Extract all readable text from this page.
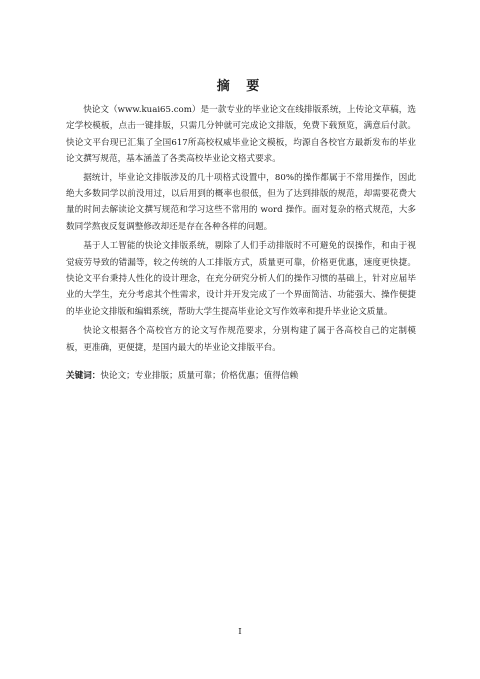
摘 要

快论文（www.kuai65.com）是一款专业的毕业论文在线排版系统，上传论文草稿，选定学校模板，点击一键排版，只需几分钟就可完成论文排版，免费下载预览，满意后付款。快论文平台现已汇集了全国617所高校权威毕业论文模板，均源自各校官方最新发布的毕业论文撰写规范，基本涵盖了各类高校毕业论文格式要求。

据统计，毕业论文排版涉及的几十项格式设置中，80%的操作都属于不常用操作，因此绝大多数同学以前没用过，以后用到的概率也很低，但为了达到排版的规范，却需要花费大量的时间去解读论文撰写规范和学习这些不常用的 word 操作。面对复杂的格式规范，大多数同学熬夜反复调整修改却还是存在各种各样的问题。

基于人工智能的快论文排版系统，剔除了人们手动排版时不可避免的误操作，和由于视觉疲劳导致的错漏等，较之传统的人工排版方式，质量更可靠，价格更优惠，速度更快捷。快论文平台秉持人性化的设计理念，在充分研究分析人们的操作习惯的基础上，针对应届毕业的大学生，充分考虑其个性需求，设计并开发完成了一个界面简洁、功能强大、操作便捷的毕业论文排版和编辑系统，帮助大学生提高毕业论文写作效率和提升毕业论文质量。

快论文根据各个高校官方的论文写作规范要求，分别构建了属于各高校自己的定制模板，更准确，更便捷，是国内最大的毕业论文排版平台。

关键词：快论文；专业排版；质量可靠；价格优惠；值得信赖
I
